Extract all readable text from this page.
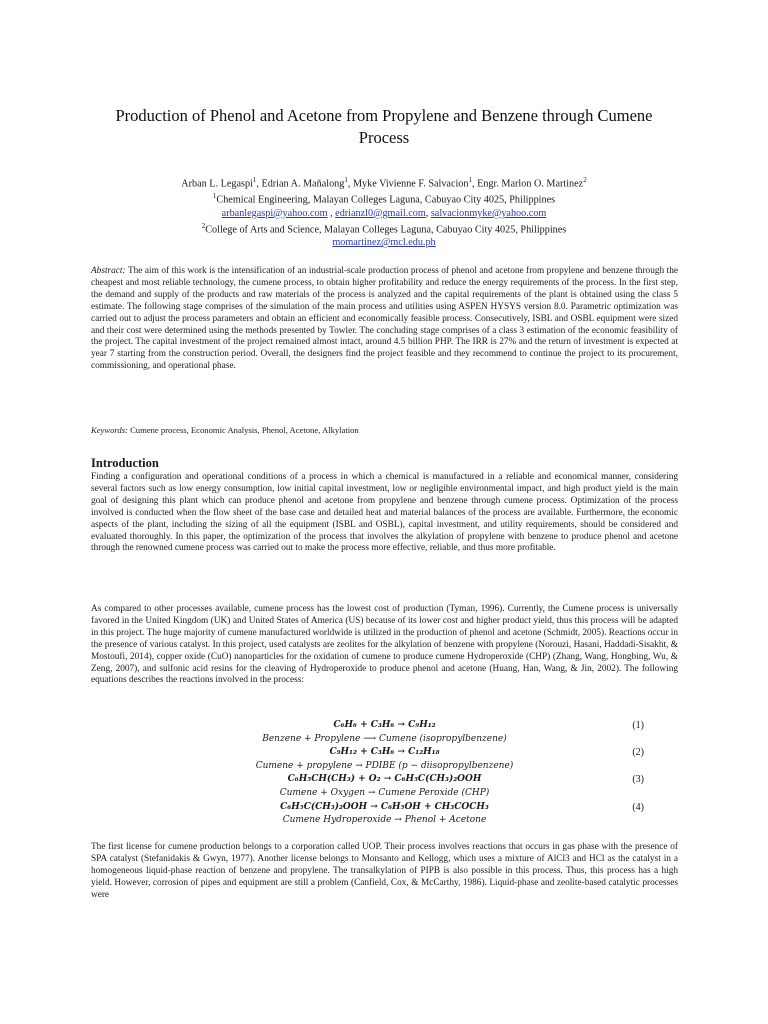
Production of Phenol and Acetone from Propylene and Benzene through Cumene Process

Arban L. Legaspi$^1$, Edrian A. Mañalong$^1$, Myke Vivienne F. Salvacion$^1$, Engr. Marlon O. Martinez$^2$

$^1$Chemical Engineering, Malayan Colleges Laguna, Cabuyao City 4025, Philippines

arbanlegaspi@yahoo.com , edrianzl0@gmail.com, salvacionmyke@yahoo.com

$^2$College of Arts and Science, Malayan Colleges Laguna, Cabuyao City 4025, Philippines

momartinez@mcl.edu.ph

Abstract: The aim of this work is the intensification of an industrial-scale production process of phenol and acetone from propylene and benzene through the cheapest and most reliable technology, the cumene process, to obtain higher profitability and reduce the energy requirements of the process. In the first step, the demand and supply of the products and raw materials of the process is analyzed and the capital requirements of the plant is obtained using the class 5 estimate. The following stage comprises of the simulation of the main process and utilities using ASPEN HYSYS version 8.0. Parametric optimization was carried out to adjust the process parameters and obtain an efficient and economically feasible process. Consecutively, ISBL and OSBL equipment were sized and their cost were determined using the methods presented by Towler. The concluding stage comprises of a class 3 estimation of the economic feasibility of the project. The capital investment of the project remained almost intact, around 4.5 billion PHP. The IRR is 27% and the return of investment is expected at year 7 starting from the construction period. Overall, the designers find the project feasible and they recommend to continue the project to its procurement, commissioning, and operational phase.

Keywords: Cumene process, Economic Analysis, Phenol, Acetone, Alkylation
Introduction

Finding a configuration and operational conditions of a process in which a chemical is manufactured in a reliable and economical manner, considering several factors such as low energy consumption, low initial capital investment, low or negligible environmental impact, and high product yield is the main goal of designing this plant which can produce phenol and acetone from propylene and benzene through cumene process. Optimization of the process involved is conducted when the flow sheet of the base case and detailed heat and material balances of the process are available. Furthermore, the economic aspects of the plant, including the sizing of all the equipment (ISBL and OSBL), capital investment, and utility requirements, should be considered and evaluated thoroughly. In this paper, the optimization of the process that involves the alkylation of propylene with benzene to produce phenol and acetone through the renowned cumene process was carried out to make the process more effective, reliable, and thus more profitable.

As compared to other processes available, cumene process has the lowest cost of production (Tyman, 1996). Currently, the Cumene process is universally favored in the United Kingdom (UK) and United States of America (US) because of its lower cost and higher product yield, thus this process will be adapted in this project. The huge majority of cumene manufactured worldwide is utilized in the production of phenol and acetone (Schmidt, 2005). Reactions occur in the presence of various catalyst. In this project, used catalysts are zeolites for the alkylation of benzene with propylene (Norouzi, Hasani, Haddadi-Sisakht, & Mostoufi, 2014), copper oxide (CuO) nanoparticles for the oxidation of cumene to produce cumene Hydroperoxide (CHP) (Zhang, Wang, Hongbing, Wu, & Zeng, 2007), and sulfonic acid resins for the cleaving of Hydroperoxide to produce phenol and acetone (Huang, Han, Wang, & Jin, 2002). The following equations describes the reactions involved in the process:

C₆H₆ + C₃H₆ → C₉H₁₂	(1)
Benzene + Propylene ⟶ Cumene (isopropylbenzene)
C₉H₁₂ + C₃H₆ → C₁₂H₁₈	(2)
Cumene + propylene → PDIBE (p − diisopropylbenzene)
C₆H₅CH(CH₃) + O₂ → C₆H₅C(CH₃)₂OOH	(3)
Cumene + Oxygen → Cumene Peroxide (CHP)
C₆H₅C(CH₃)₂OOH → C₆H₅OH + CH₃COCH₃	(4)
Cumene Hydroperoxide → Phenol + Acetone

The first license for cumene production belongs to a corporation called UOP. Their process involves reactions that occurs in gas phase with the presence of SPA catalyst (Stefanidakis & Gwyn, 1977). Another license belongs to Monsanto and Kellogg, which uses a mixture of AlCl3 and HCl as the catalyst in a homogeneous liquid-phase reaction of benzene and propylene. The transalkylation of PIPB is also possible in this process. Thus, this process has a high yield. However, corrosion of pipes and equipment are still a problem (Canfield, Cox, & McCarthy, 1986). Liquid-phase and zeolite-based catalytic processes were
